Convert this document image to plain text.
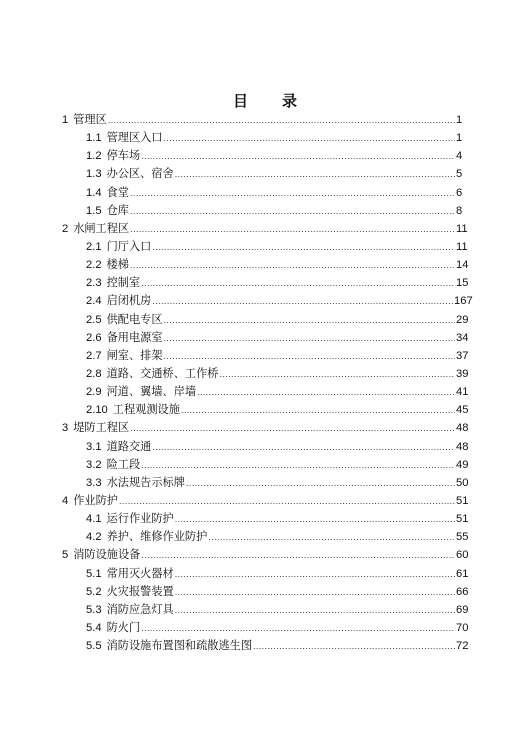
目 录
1 管理区 .....	1
1.1 管理区入口 .....	1
1.2 停车场 .....	4
1.3 办公区、宿舍 .....	5
1.4 食堂 .....	6
1.5 仓库 .....	8
2 水闸工程区 .....	11
2.1 门厅入口 .....	11
2.2 楼梯 .....	14
2.3 控制室 .....	15
2.4 启闭机房 .....	167
2.5 供配电专区 .....	29
2.6 备用电源室 .....	34
2.7 闸室、排架 .....	37
2.8 道路、交通桥、工作桥 .....	39
2.9 河道、翼墙、岸墙 .....	41
2.10 工程观测设施 .....	45
3 堤防工程区 .....	48
3.1 道路交通 .....	48
3.2 险工段 .....	49
3.3 水法规告示标牌 .....	50
4 作业防护 .....	51
4.1 运行作业防护 .....	51
4.2 养护、维修作业防护 .....	55
5 消防设施设备 .....	60
5.1 常用灭火器材 .....	61
5.2 火灾报警装置 .....	66
5.3 消防应急灯具 .....	69
5.4 防火门 .....	70
5.5 消防设施布置图和疏散逃生图 .....	72
